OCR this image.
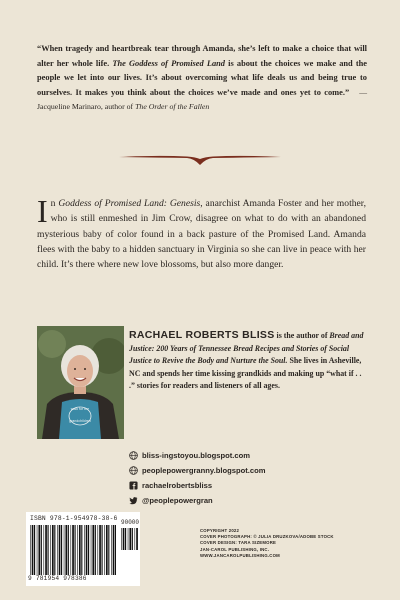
“When tragedy and heartbreak tear through Amanda, she’s left to make a choice that will alter her whole life. The Goddess of Promised Land is about the choices we make and the people we let into our lives. It’s about overcoming what life deals us and being true to ourselves. It makes you think about the choices we’ve made and ones yet to come.” —Jacqueline Marinaro, author of The Order of the Fallen
In Goddess of Promised Land: Genesis, anarchist Amanda Foster and her mother, who is still enmeshed in Jim Crow, disagree on what to do with an abandoned mysterious baby of color found in a back pasture of the Promised Land. Amanda flees with the baby to a hidden sanctuary in Virginia so she can live in peace with her child. It’s there where new love blossoms, but also more danger.
walk for the
grandchildren
RACHAEL ROBERTS BLISS is the author of Bread and Justice: 200 Years of Tennessee Bread Recipes and Stories of Social Justice to Revive the Body and Nurture the Soul. She lives in Asheville, NC and spends her time kissing grandkids and making up “what if . . .” stories for readers and listeners of all ages.
bliss-ingstoyou.blogspot.com
peoplepowergranny.blogspot.com
rachaelrobertsbliss
@peoplepowergran
ISBN 978-1-954978-38-6
90000
9 781954 978386
COPYRIGHT 2022
COVER PHOTOGRAPH: © JULIA DRUZKOVA/ADOBE STOCK
COVER DESIGN: TARA SIZEMORE
JAN-CAROL PUBLISHING, INC.
WWW.JANCAROLPUBLISHING.COM
